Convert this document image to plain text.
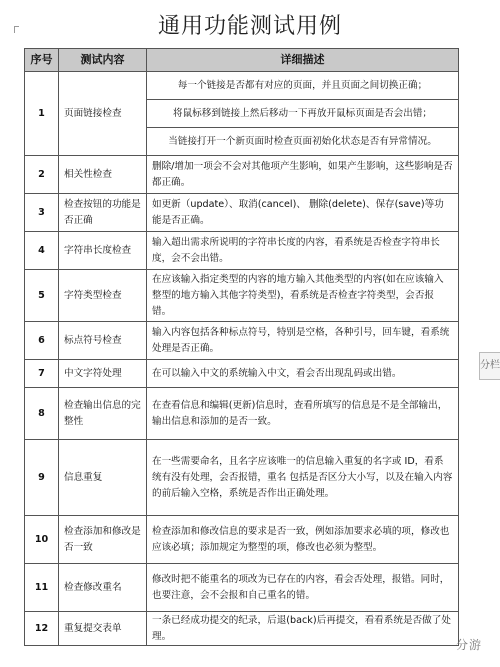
通用功能测试用例
序号	测试内容	详细描述
1	页面链接检查	每一个链接是否都有对应的页面，并且页面之间切换正确；
		将鼠标移到链接上然后移动一下再放开鼠标页面是否会出错；
		当链接打开一个新页面时检查页面初始化状态是否有异常情况。
2	相关性检查	删除/增加一项会不会对其他项产生影响，如果产生影响，这些影响是否都正确。
3	检查按钮的功能是否正确	如更新（update）、取消(cancel)、 删除(delete)、保存(save)等功能是否正确。
4	字符串长度检查	输入超出需求所说明的字符串长度的内容，看系统是否检查字符串长度，会不会出错。
5	字符类型检查	在应该输入指定类型的内容的地方输入其他类型的内容(如在应该输入整型的地方输入其他字符类型)，看系统是否检查字符类型，会否报错。
6	标点符号检查	输入内容包括各种标点符号，特别是空格，各种引号，回车键，看系统处理是否正确。
7	中文字符处理	在可以输入中文的系统输入中文，看会否出现乱码或出错。
8	检查输出信息的完整性	在查看信息和编辑(更新)信息时，查看所填写的信息是不是全部输出，输出信息和添加的是否一致。
9	信息重复	在一些需要命名，且名字应该唯一的信息输入重复的名字或 ID，看系统有没有处理，会否报错，重名 包括是否区分大小写，以及在输入内容的前后输入空格，系统是否作出正确处理。
10	检查添加和修改是否一致	检查添加和修改信息的要求是否一致，例如添加要求必填的项，修改也应该必填；添加规定为整型的项，修改也必须为整型。
11	检查修改重名	修改时把不能重名的项改为已存在的内容，看会否处理，报错。同时，也要注意，会不会报和自己重名的错。
12	重复提交表单	一条已经成功提交的纪录，后退(back)后再提交，看看系统是否做了处理。
分栏
分游
